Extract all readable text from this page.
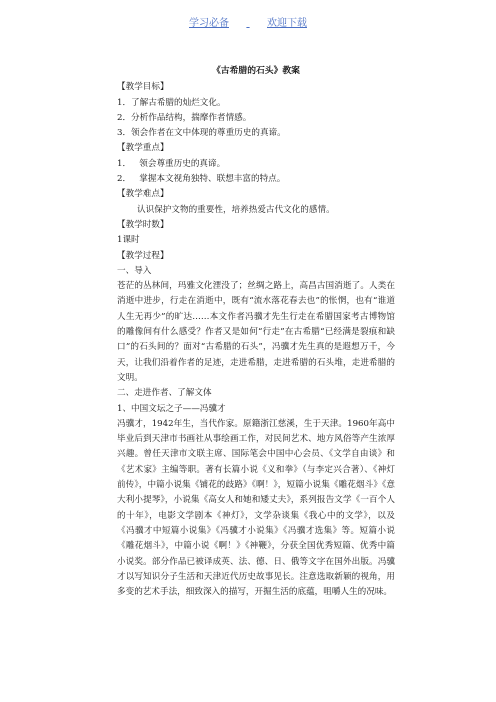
学习必备	欢迎下载
《古希腊的石头》教案
【教学目标】
1．了解古希腊的灿烂文化。
2．分析作品结构，揣摩作者情感。
3．领会作者在文中体现的尊重历史的真谛。
【教学重点】
1．   领会尊重历史的真谛。
2．   掌握本文视角独特、联想丰富的特点。
【教学难点】
认识保护文物的重要性，培养热爱古代文化的感情。
【教学时数】
1课时
【教学过程】
一、导入
苍茫的丛林间，玛雅文化湮没了；丝绸之路上，高昌古国消逝了。人类在消逝中进步，行走在消逝中，既有“流水落花春去也”的怅惘，也有“谁道人生无再少”的旷达……本文作者冯骥才先生行走在希腊国家考古博物馆的雕像间有什么感受？作者又是如何“行走”在古希腊“已经满是裂痕和缺口”的石头间的？面对“古希腊的石头”，冯骥才先生真的是遐想万千，今天，让我们沿着作者的足迹，走进希腊，走进希腊的石头堆，走进希腊的文明。
二、走进作者、了解文体
1、中国文坛之子——冯骥才
冯骥才，1942年生，当代作家。原籍浙江慈溪，生于天津。1960年高中毕业后到天津市书画社从事绘画工作，对民间艺术、地方风俗等产生浓厚兴趣。曾任天津市文联主席、国际笔会中国中心会员、《文学自由谈》和《艺术家》主编等职。著有长篇小说《义和拳》（与李定兴合著）、《神灯前传》，中篇小说集《铺花的歧路》《啊！》，短篇小说集《雕花烟斗》《意大利小提琴》，小说集《高女人和她和矮丈夫》，系列报告文学《一百个人的十年》，电影文学剧本《神灯》，文学杂谈集《我心中的文学》，以及《冯骥才中短篇小说集》《冯骥才小说集》《冯骥才选集》等。短篇小说《雕花烟斗》，中篇小说《啊！》《神鞭》，分获全国优秀短篇、优秀中篇小说奖。部分作品已被译成英、法、德、日、俄等文字在国外出版。冯骥才以写知识分子生活和天津近代历史故事见长。注意选取新颖的视角，用多变的艺术手法，细致深入的描写，开掘生活的底蕴，咀嚼人生的况味。
